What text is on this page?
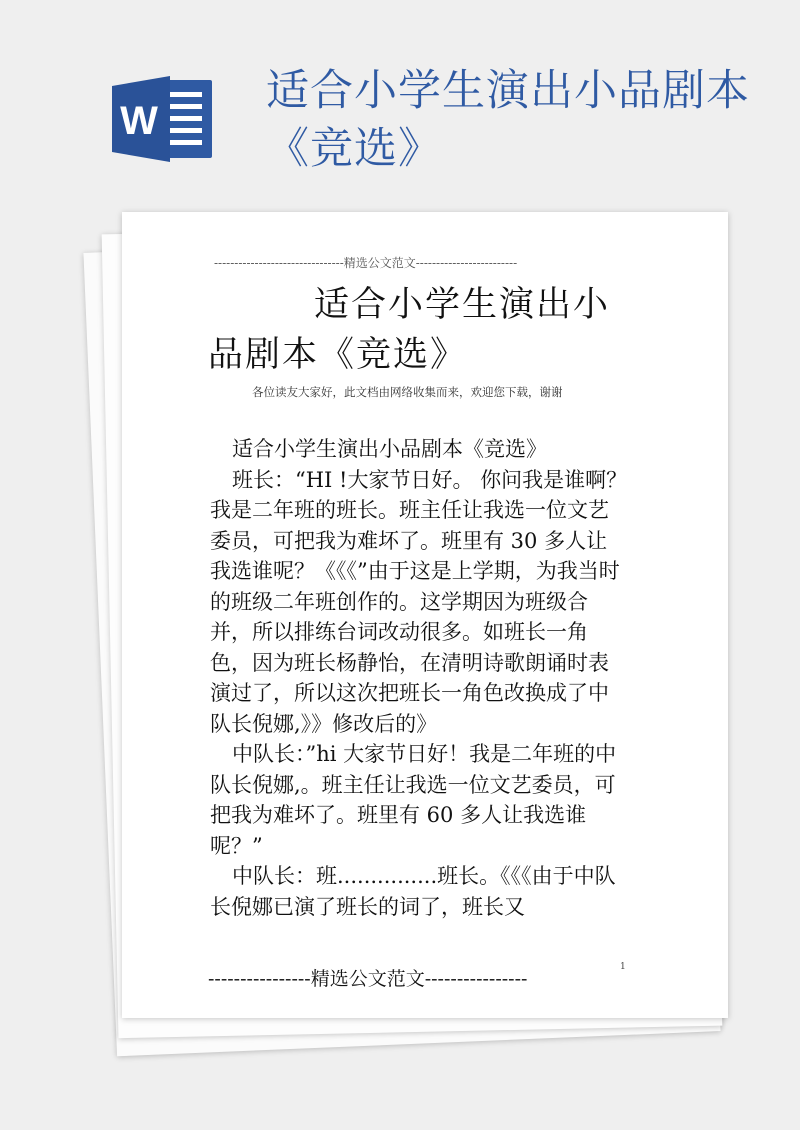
W
适合小学生演出小品剧本《竞选》
--------------------------------精选公文范文-------------------------
适合小学生演出小品剧本《竞选》
各位读友大家好，此文档由网络收集而来，欢迎您下载，谢谢

适合小学生演出小品剧本《竞选》

班长：“HI !大家节日好。 你问我是谁啊？我是二年班的班长。班主任让我选一位文艺委员，可把我为难坏了。班里有 30 多人让我选谁呢？《《《”由于这是上学期，为我当时的班级二年班创作的。这学期因为班级合并，所以排练台词改动很多。如班长一角色，因为班长杨静怡，在清明诗歌朗诵时表演过了，所以这次把班长一角色改换成了中队长倪娜,》》修改后的》

中队长：”hi 大家节日好！我是二年班的中队长倪娜,。班主任让我选一位文艺委员，可把我为难坏了。班里有 60 多人让我选谁呢？”

中队长：班...............班长。《《《由于中队长倪娜已演了班长的词了，班长又

----------------精选公文范文----------------
1
